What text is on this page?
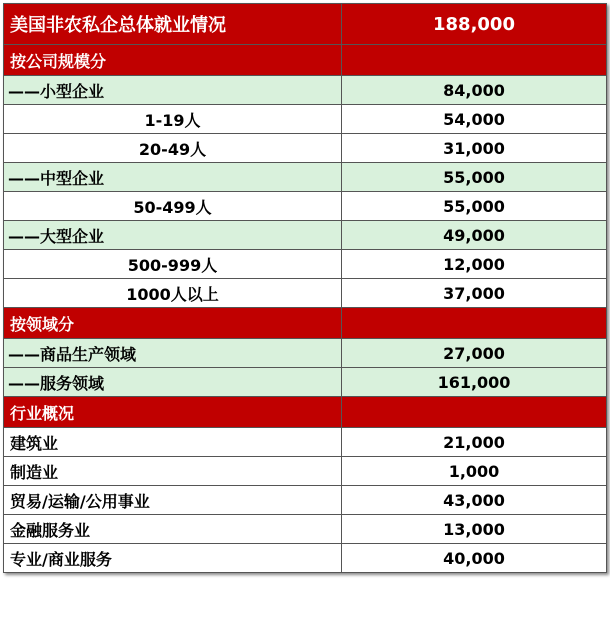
美国非农私企总体就业情况	188,000
按公司规模分	
——小型企业	84,000
1-19人	54,000
20-49人	31,000
——中型企业	55,000
50-499人	55,000
——大型企业	49,000
500-999人	12,000
1000人以上	37,000
按领域分	
——商品生产领域	27,000
——服务领域	161,000
行业概况	
建筑业	21,000
制造业	1,000
贸易/运输/公用事业	43,000
金融服务业	13,000
专业/商业服务	40,000
